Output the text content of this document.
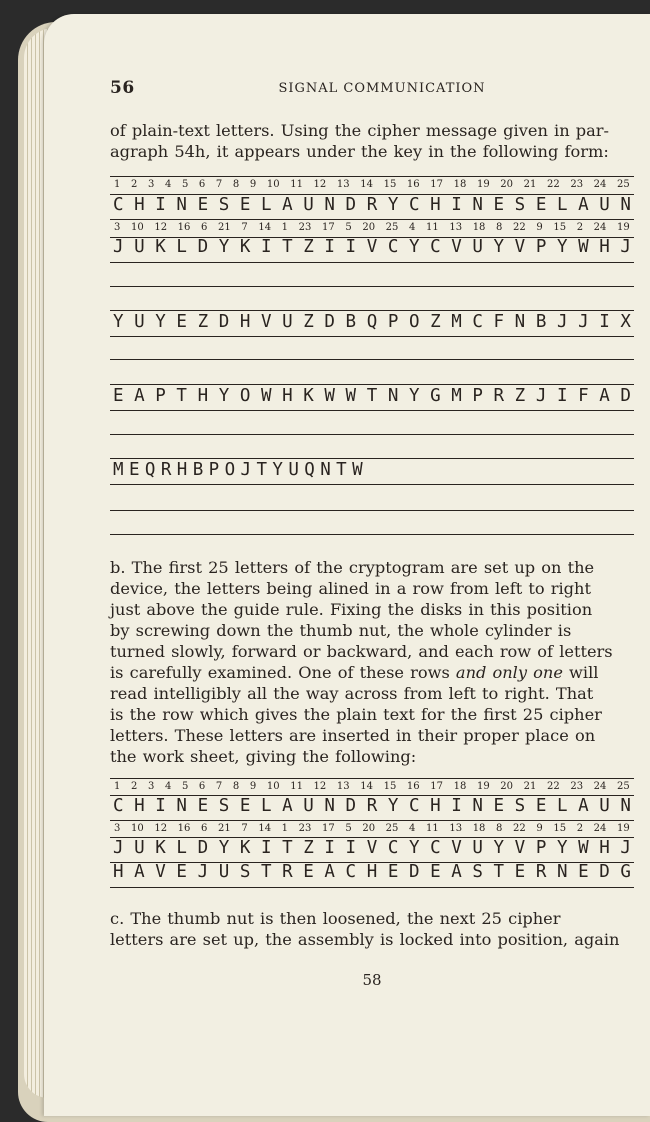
56	SIGNAL COMMUNICATION
of plain-text letters. Using the cipher message given in par-
agraph 54h, it appears under the key in the following form:
1 2 3 4 5 6 7 8 9 10 11 12 13 14 15 16 17 18 19 20 21 22 23 24 25
C H I N E S E L A U N D R Y C H I N E S E L A U N
3 10 12 16 6 21 7 14 1 23 17 5 20 25 4 11 13 18 8 22 9 15 2 24 19
J U K L D Y K I T Z I I V C Y C V U Y V P Y W H J
Y U Y E Z D H V U Z D B Q P O Z M C F N B J J I X
E A P T H Y O W H K W W T N Y G M P R Z J I F A D
M E Q R H B P O J T Y U Q N T W
b. The first 25 letters of the cryptogram are set up on the
device, the letters being alined in a row from left to right
just above the guide rule. Fixing the disks in this position
by screwing down the thumb nut, the whole cylinder is
turned slowly, forward or backward, and each row of letters
is carefully examined. One of these rows and only one will
read intelligibly all the way across from left to right. That
is the row which gives the plain text for the first 25 cipher
letters. These letters are inserted in their proper place on
the work sheet, giving the following:
1 2 3 4 5 6 7 8 9 10 11 12 13 14 15 16 17 18 19 20 21 22 23 24 25
C H I N E S E L A U N D R Y C H I N E S E L A U N
3 10 12 16 6 21 7 14 1 23 17 5 20 25 4 11 13 18 8 22 9 15 2 24 19
J U K L D Y K I T Z I I V C Y C V U Y V P Y W H J
H A V E J U S T R E A C H E D E A S T E R N E D G
c. The thumb nut is then loosened, the next 25 cipher
letters are set up, the assembly is locked into position, again
58
